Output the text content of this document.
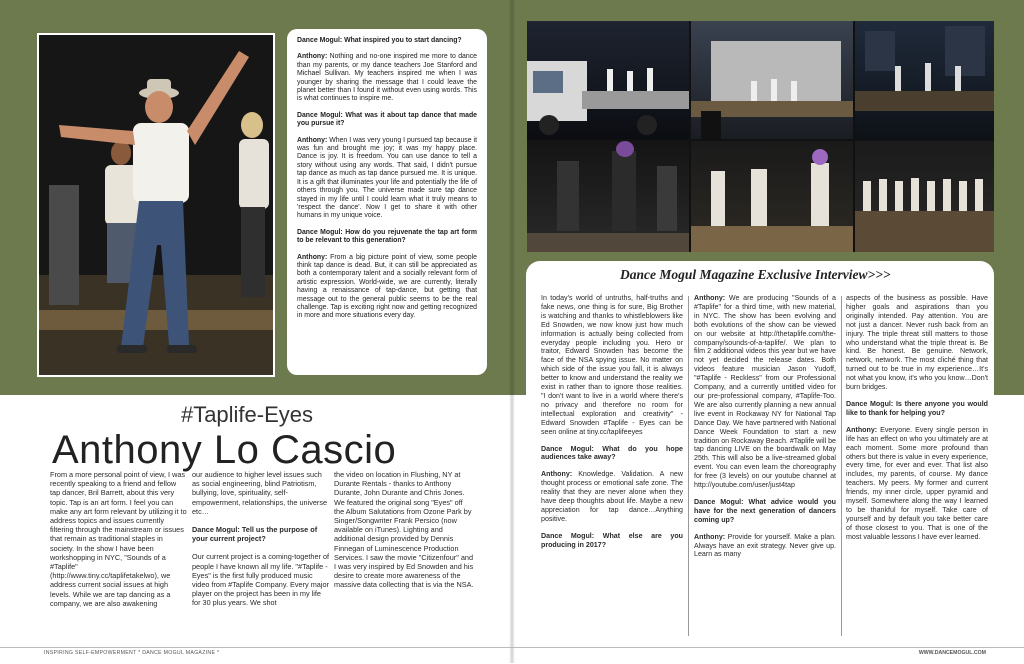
Dance Mogul: What inspired you to start dancing?

Anthony: Nothing and no-one inspired me more to dance than my parents, or my dance teachers Joe Stanford and Michael Sullivan. My teachers inspired me when I was younger by sharing the message that I could leave the planet better than I found it without even using words. This is what continues to inspire me.

Dance Mogul: What was it about tap dance that made you pursue it?

Anthony: When I was very young I pursued tap because it was fun and brought me joy; it was my happy place. Dance is joy. It is freedom. You can use dance to tell a story without using any words. That said, I didn't pursue tap dance as much as tap dance pursued me. It is unique. It is a gift that illuminates your life and potentially the life of others through you. The universe made sure tap dance stayed in my life until I could learn what it truly means to 'respect the dance'. Now I get to share it with other humans in my unique voice.

Dance Mogul: How do you rejuvenate the tap art form to be relevant to this generation?

Anthony: From a big picture point of view, some people think tap dance is dead. But, it can still be appreciated as both a contemporary talent and a socially relevant form of artistic expression. World-wide, we are currently, literally having a renaissance of tap-dance, but getting that message out to the general public seems to be the real challenge. Tap is exciting right now and getting recognized in more and more situations every day.

#Taplife-Eyes

Anthony Lo Cascio

From a more personal point of view, I was recently speaking to a friend and fellow tap dancer, Bril Barrett, about this very topic. Tap is an art form. I feel you can make any art form relevant by utilizing it to address topics and issues currently filtering through the mainstream or issues that remain as traditional staples in society. In the show I have been workshopping in NYC, "Sounds of a #Taplife" (http://www.tiny.cc/taplifetakelwo), we address current social issues at high levels. While we are tap dancing as a company, we are also awakening

our audience to higher level issues such as social engineering, blind Patriotism, bullying, love, spirituality, self-empowerment, relationships, the universe etc…

Dance Mogul: Tell us the purpose of your current project?

Our current project is a coming-together of people I have known all my life. "#Taplife - Eyes" is the first fully produced music video from #Taplife Company. Every major player on the project has been in my life for 30 plus years. We shot

the video on location in Flushing, NY at Durante Rentals - thanks to Anthony Durante, John Durante and Chris Jones. We featured the original song "Eyes" off the Album Salutations from Ozone Park by Singer/Songwriter Frank Persico (now available on iTunes). Lighting and additional design provided by Dennis Finnegan of Luminescence Production Services. I saw the movie "Citizenfour" and I was very inspired by Ed Snowden and his desire to create more awareness of the massive data collecting that is via the NSA.

Dance Mogul Magazine Exclusive Interview>>>

In today's world of untruths, half-truths and fake news, one thing is for sure, Big Brother is watching and thanks to whistleblowers like Ed Snowden, we now know just how much information is actually being collected from everyday people including you. Hero or traitor, Edward Snowden has become the face of the NSA spying issue. No matter on which side of the issue you fall, it is always better to know and understand the reality we exist in rather than to ignore those realities. "I don't want to live in a world where there's no privacy and therefore no room for intellectual exploration and creativity" - Edward Snowden #Taplife - Eyes can be seen online at tiny.cc/taplifeeyes

Dance Mogul: What do you hope audiences take away?

Anthony: Knowledge. Validation. A new thought process or emotional safe zone. The reality that they are never alone when they have deep thoughts about life. Maybe a new appreciation for tap dance…Anything positive.

Dance Mogul: What else are you producing in 2017?

Anthony: We are producing "Sounds of a #Taplife" for a third time, with new material, in NYC. The show has been evolving and both evolutions of the show can be viewed on our website at http://thetaplife.com/the-company/sounds-of-a-taplife/. We plan to film 2 additional videos this year but we have not yet decided the release dates. Both videos feature musician Jason Yudoff, "#Taplife - Reckless" from our Professional Company, and a currently untitled video for our pre-professional company, #Taplife-Too. We are also currently planning a new annual live event in Rockaway NY for National Tap Dance Day. We have partnered with National Dance Week Foundation to start a new tradition on Rockaway Beach. #Taplife will be tap dancing LIVE on the boardwalk on May 25th. This will also be a live-streamed global event. You can even learn the choreography for free (3 levels) on our youtube channel at http://youtube.com/user/just4tap

Dance Mogul: What advice would you have for the next generation of dancers coming up?

Anthony: Provide for yourself. Make a plan. Always have an exit strategy. Never give up. Learn as many

aspects of the business as possible. Have higher goals and aspirations than you originally intended. Pay attention. You are not just a dancer. Never rush back from an injury. The triple threat still matters to those who understand what the triple threat is. Be kind. Be honest. Be genuine. Network, network, network. The most cliché thing that turned out to be true in my experience…It's not what you know, it's who you know…Don't burn bridges.

Dance Mogul: Is there anyone you would like to thank for helping you?

Anthony: Everyone. Every single person in life has an effect on who you ultimately are at each moment. Some more profound than others but there is value in every experience, every time, for ever and ever. That list also includes, my parents, of course. My dance teachers. My peers. My former and current friends, my inner circle, upper pyramid and myself. Somewhere along the way I learned to be thankful for myself. Take care of yourself and by default you take better care of those closest to you. That is one of the most valuable lessons I have ever learned.

INSPIRING SELF-EMPOWERMENT * DANCE MOGUL MAGAZINE *	WWW.DANCEMOGUL.COM
